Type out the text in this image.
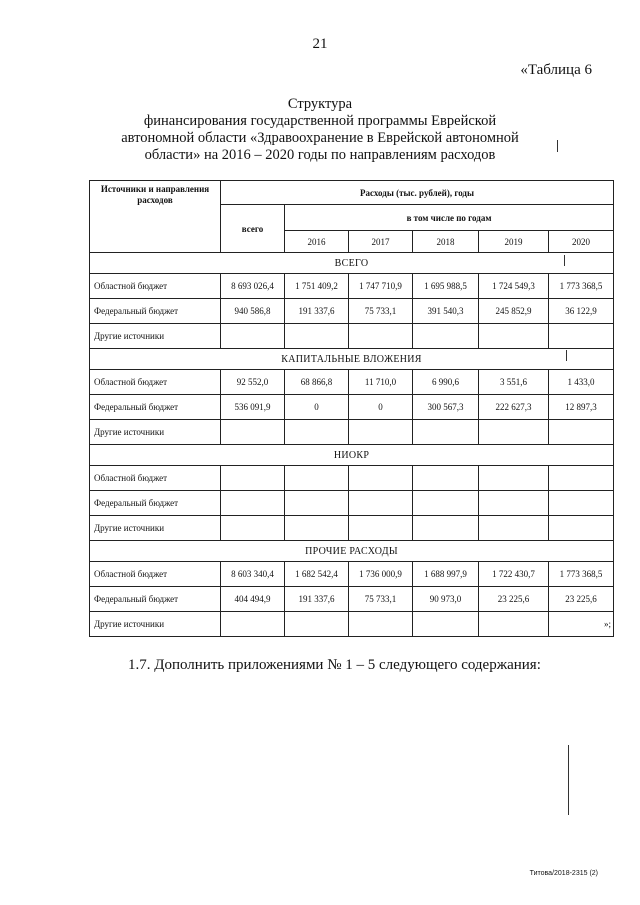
21
«Таблица 6
Структура
финансирования государственной программы Еврейской
автономной области «Здравоохранение в Еврейской автономной
области» на 2016 – 2020 годы по направлениям расходов
Источники и направления расходов	Расходы (тыс. рублей), годы					
	всего	в том числе по годам				
		2016	2017	2018	2019	2020
ВСЕГО						
Областной бюджет	8 693 026,4	1 751 409,2	1 747 710,9	1 695 988,5	1 724 549,3	1 773 368,5
Федеральный бюджет	940 586,8	191 337,6	75 733,1	391 540,3	245 852,9	36 122,9
Другие источники						
КАПИТАЛЬНЫЕ ВЛОЖЕНИЯ						
Областной бюджет	92 552,0	68 866,8	11 710,0	6 990,6	3 551,6	1 433,0
Федеральный бюджет	536 091,9	0	0	300 567,3	222 627,3	12 897,3
Другие источники						
НИОКР						
Областной бюджет						
Федеральный бюджет						
Другие источники						
ПРОЧИЕ РАСХОДЫ						
Областной бюджет	8 603 340,4	1 682 542,4	1 736 000,9	1 688 997,9	1 722 430,7	1 773 368,5
Федеральный бюджет	404 494,9	191 337,6	75 733,1	90 973,0	23 225,6	23 225,6
Другие источники						»;
1.7. Дополнить приложениями № 1 – 5 следующего содержания:
Титова/2018-2315 (2)
